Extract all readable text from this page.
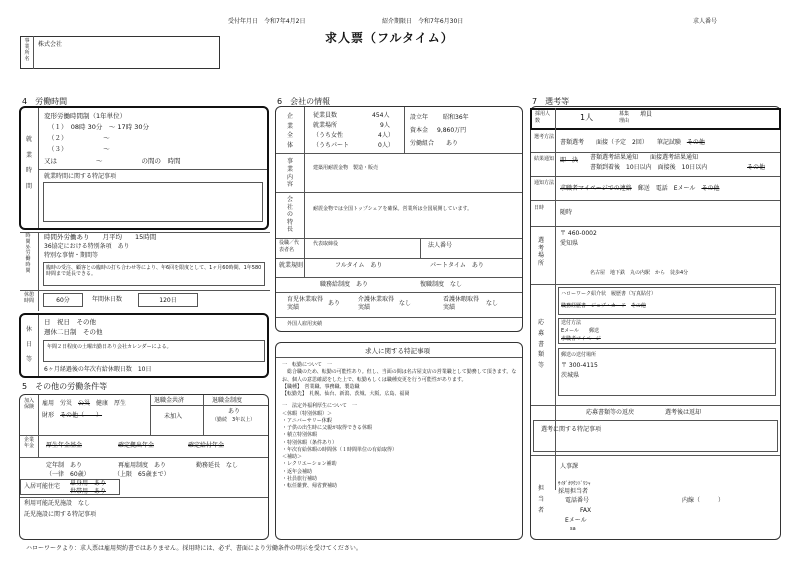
受付年月日　令和7年4月2日	紹介期限日　令和7年6月30日	求人番号
求人票（フルタイム）
事業所名
株式会社
4　労働時間
就業時間
変形労働時間制（1年単位）
（１）　08時 30分　～ 17時 30分
（２）　　　　　　～
（３）　　　　　　～
又は　　　　　　～　　　　　　の間の　時間
就業時間に関する特記事項
時間外労働時間
時間外労働あり　　月平均　　15時間
36協定における特別条項　あり
特別な事情・期間等
臨時の受注、顧客との臨時の打ち合わせ等により、年6回を限度として、1ヶ月60時間、1年580時間まで延長できる。
休憩時間	60分	年間休日数	120日
休日等
日　祝日　その他
週休二日制　その他
年間２日程度の土曜出勤日あり会社カレンダーによる。
6ヶ月経過後の年次有給休暇日数　10日
5　その他の労働条件等
加入保険
雇用　労災　公災　健康　厚生
財形　その他（　　）
退職金共済
未加入
退職金制度
あり
（勤続　3年以上）
企業年金	厚生年金基金	確定拠出年金	確定給付年金
定年制　あり
（一律　60歳）
再雇用制度　あり
（上限　65歳まで）
勤務延長　なし
入居可能住宅 単身用　あり
世帯用　あり
利用可能託児施設　なし
託児施設に関する特記事項
6　会社の情報
企業全体
従業員数	454人
就業場所	9人
（うち女性	4人）
（うちパート	0人）
設立年 昭和36年
資本金 9,860万円
労働組合 あり
事業内容
建築用耐震金物　製造・販売
会社の特長
耐震金物では全国トップシェアを確保。営業所は全国展開しています。
役職／代表者名
代表取締役	法人番号
就業規則	フルタイム　あり	パートタイム　あり
職務給制度　あり	復職制度　なし
育児休業取得実績
あり
介護休業取得実績
なし
看護休暇取得実績
なし
外国人雇用実績
求人に関する特記事項
一　転勤について　一
　総合職のため、転勤の可能性あり。但し、当面の間は名古屋支店の営業職として勤務して頂きます。なお、個人の意思確認をした上で、転勤もしくは職種変更を行う可能性があります。
【職種】　営業職、事務職、製造職
【転勤先】　札幌、仙台、新潟、茨城、大阪、広島、福岡
一　法定外福利厚生について　一
＜休暇（特別休暇）＞
・アニバーサリー休暇
・子供の出生時に父親が取得できる休暇
・積立特別休暇
・特別休暇（条件あり）
・年次有給休暇の時間休（１時間単位の有給取得）
＜補助＞
・レクリエーション補助
・返年会補助
・社員旅行補助
・転任雑費、帰省費補助
7　選考等
採用人数	1人	募集理由
増員
選考方法
書類選考　　面接（予定　2回）　　筆記試験　その他
結果通知 即　決 書類選考結果通知　　面接選考結果通知
書類到着後　10日以内　面接後　10日以内	その他
通知方法
求職者マイページでの連絡　郵送　電話　Eメール　その他
日時
随時
選考場所
〒 460-0002
愛知県
名古屋　地下鉄　丸の内駅　から　徒歩4分
応募書類等
ハローワーク紹介状　履歴書（写真貼付）
職務経歴書　ジョブ・カード　 その他
送付方法
Eメール　　郵送
求職者マイページ
郵送の送付場所
〒 300-4115
茨城県
応募書類等の返戻	選考後は返却
選考に関する特記事項
担当者
人事課
ｻｲﾀﾞｶﾜｳﾝﾄﾞﾜｼｬ
採用担当者
電話番号	内線（　　　）
FAX
Eメール
sa
ハローワークより：求人票は雇用契約書ではありません。採用時には、必ず、書面により労働条件の明示を受けてください。
